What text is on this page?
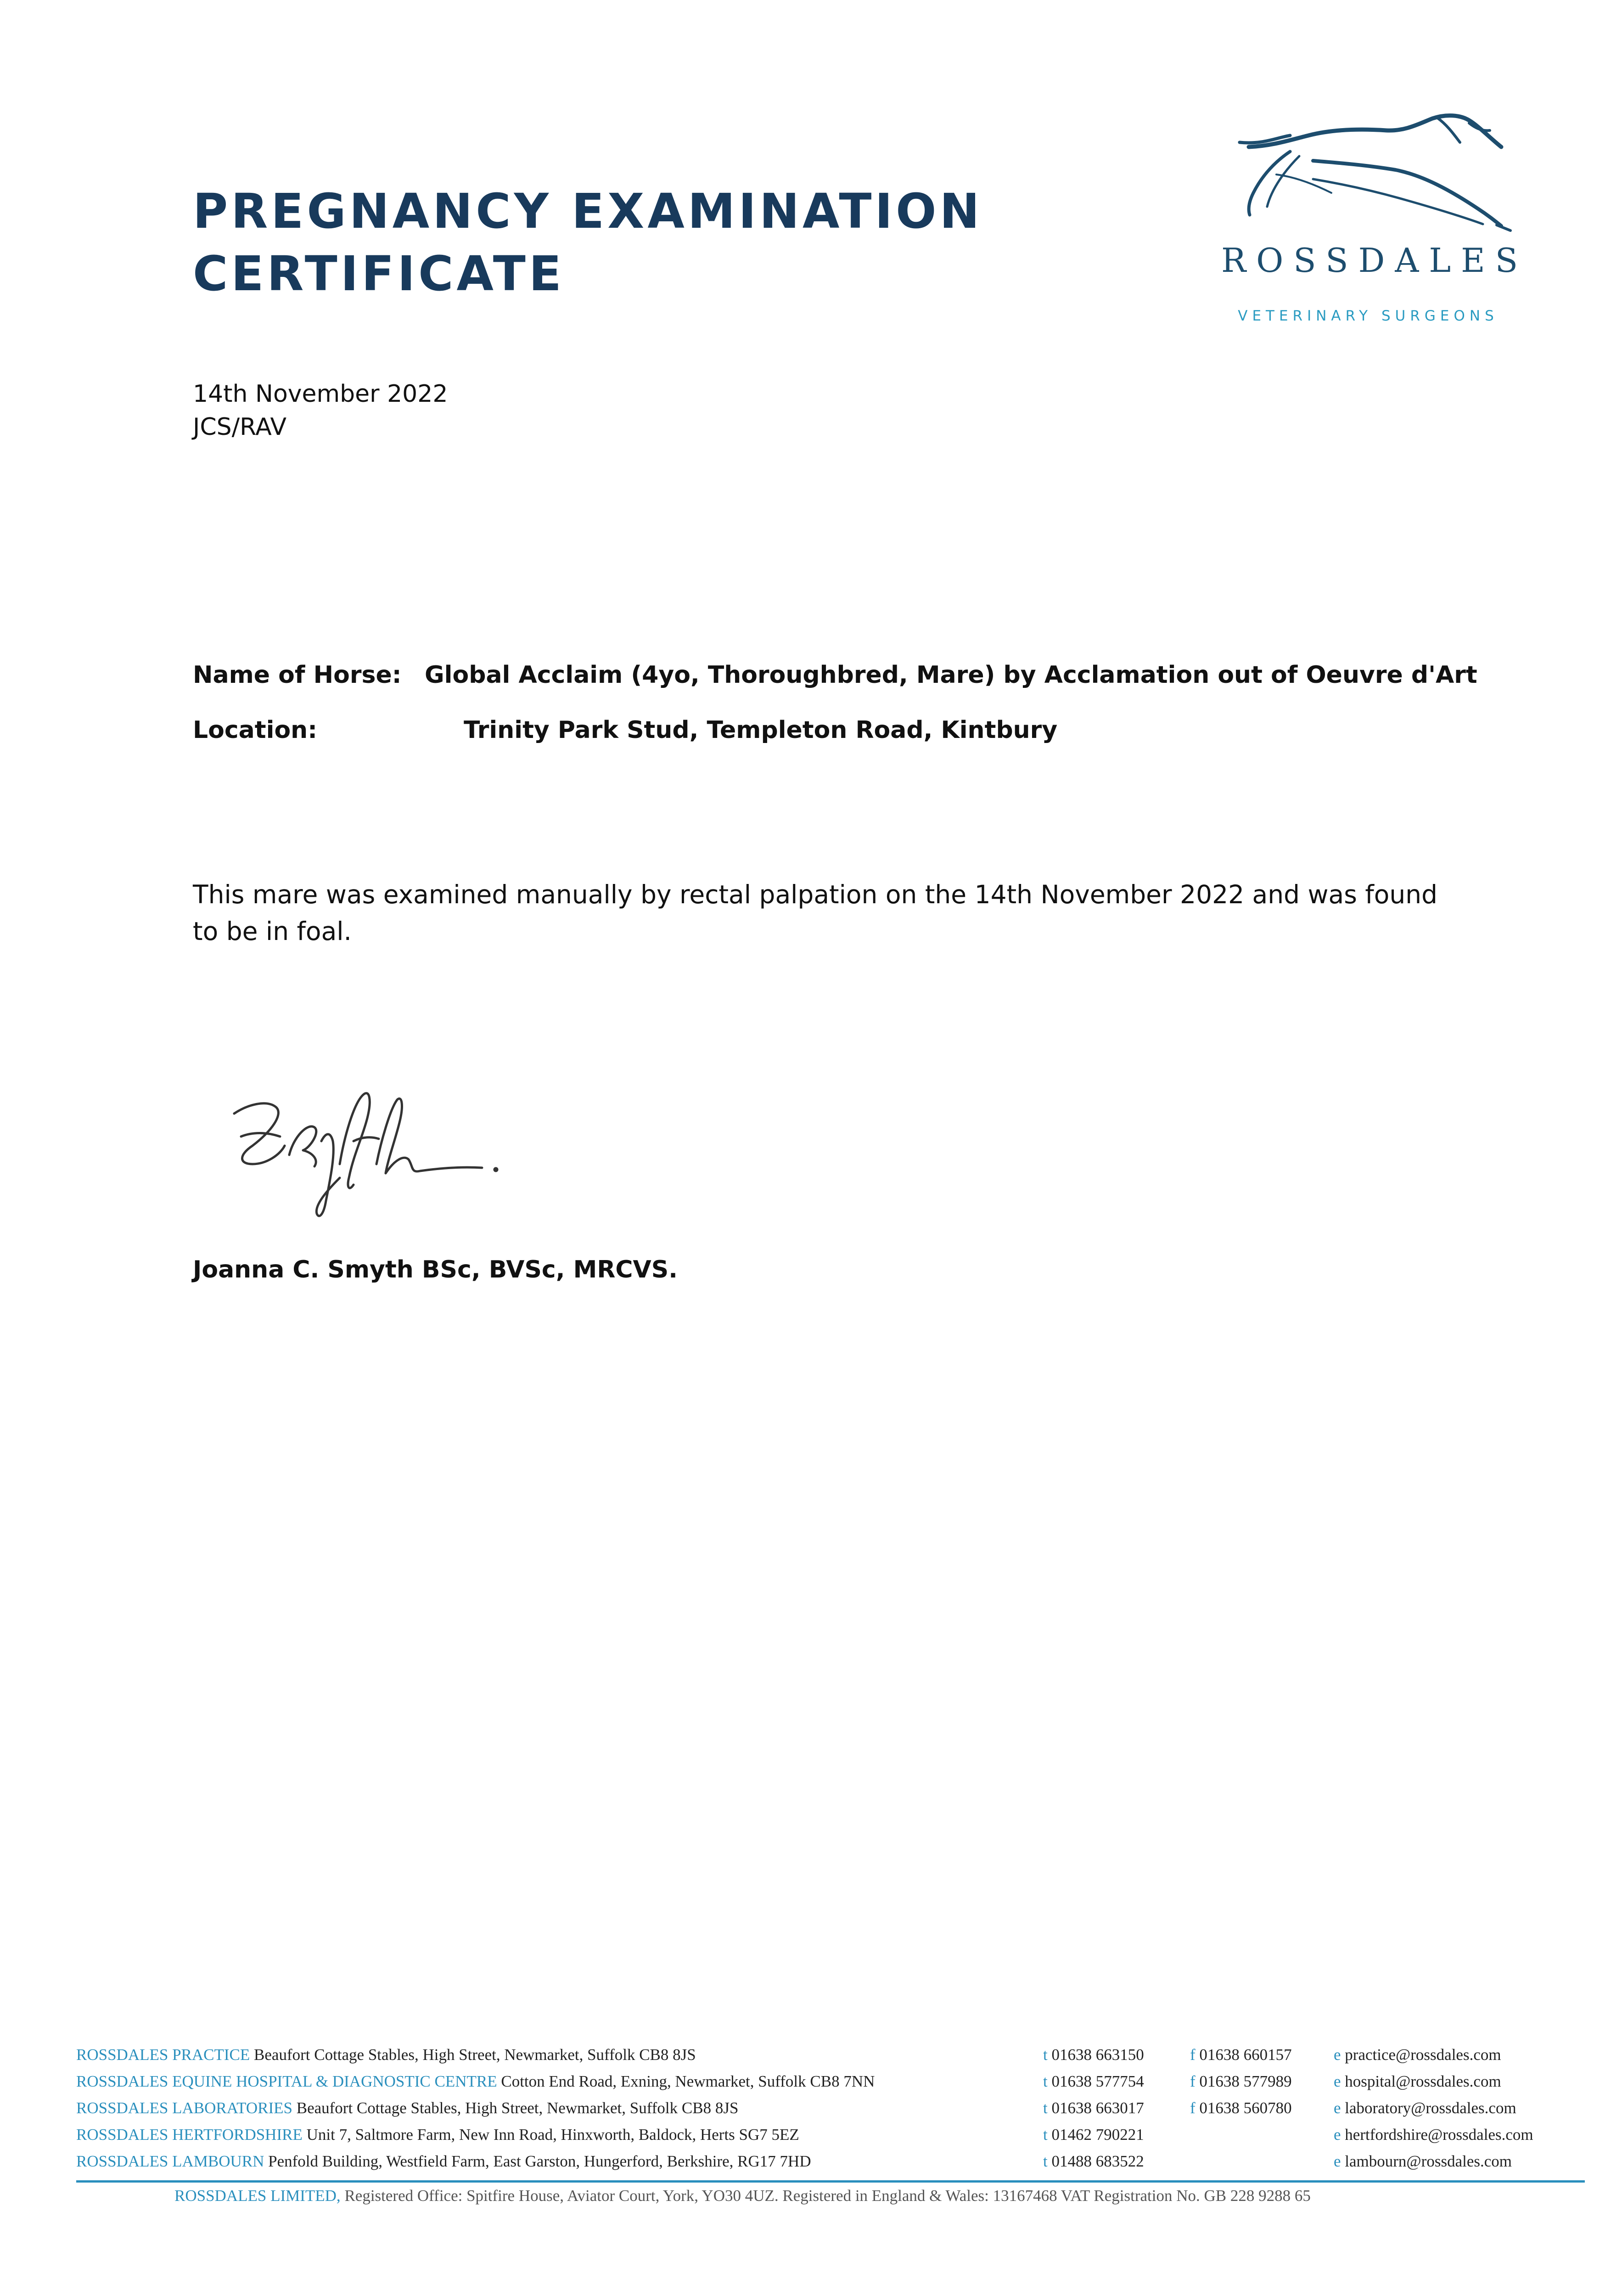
PREGNANCY EXAMINATION
CERTIFICATE	ROSSDALES
VETERINARY SURGEONS
14th November 2022
JCS/RAV
Name of Horse: Global Acclaim (4yo, Thoroughbred, Mare) by Acclamation out of Oeuvre d'Art
Location:	Trinity Park Stud, Templeton Road, Kintbury
This mare was examined manually by rectal palpation on the 14th November 2022 and was found to be in foal.
Joanna C. Smyth BSc, BVSc, MRCVS.
ROSSDALES PRACTICE Beaufort Cottage Stables, High Street, Newmarket, Suffolk CB8 8JS	t 01638 663150	f 01638 660157	e practice@rossdales.com
ROSSDALES EQUINE HOSPITAL & DIAGNOSTIC CENTRE Cotton End Road, Exning, Newmarket, Suffolk CB8 7NN	t 01638 577754	f 01638 577989	e hospital@rossdales.com
ROSSDALES LABORATORIES Beaufort Cottage Stables, High Street, Newmarket, Suffolk CB8 8JS	t 01638 663017	f 01638 560780	e laboratory@rossdales.com
ROSSDALES HERTFORDSHIRE Unit 7, Saltmore Farm, New Inn Road, Hinxworth, Baldock, Herts SG7 5EZ	t 01462 790221	e hertfordshire@rossdales.com
ROSSDALES LAMBOURN Penfold Building, Westfield Farm, East Garston, Hungerford, Berkshire, RG17 7HD	t 01488 683522	e lambourn@rossdales.com
ROSSDALES LIMITED, Registered Office: Spitfire House, Aviator Court, York, YO30 4UZ. Registered in England & Wales: 13167468 VAT Registration No. GB 228 9288 65
